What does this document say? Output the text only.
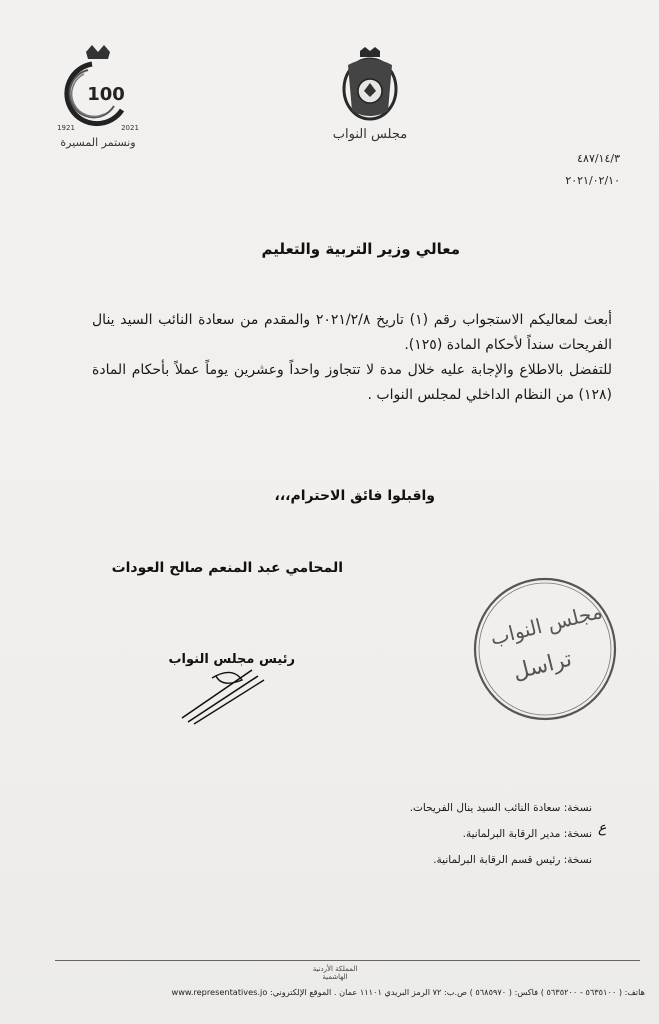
100
1921	2021
ونستمر المسيرة
مجلس النواب
٤٨٧/١٤/٣
٢٠٢١/٠٢/١٠
معالي وزير التربية والتعليم

أبعث لمعاليكم الاستجواب رقم (١) تاريخ ٢٠٢١/٢/٨ والمقدم من سعادة النائب السيد ينال الفريحات سنداً لأحكام المادة (١٢٥).

للتفضل بالاطلاع والإجابة عليه خلال مدة لا تتجاوز واحداً وعشرين يوماً عملاً بأحكام المادة (١٢٨) من النظام الداخلي لمجلس النواب .

واقبلوا فائق الاحترام،،،
المحامي عبد المنعم صالح العودات
رئيس مجلس النواب
مجلس النواب
تراسل
نسخة: سعادة النائب السيد ينال الفريحات.
نسخة: مدير الرقابة البرلمانية.
نسخة: رئيس قسم الرقابة البرلمانية.
ع
المملكة الأردنية الهاشمية
هاتف: ( ٥٦٣٥١٠٠ - ٥٦٣٥٢٠٠ ) فاكس: ( ٥٦٨٥٩٧٠ ) ص.ب: ٧٢ الرمز البريدي ١١١٠١ عمان . الموقع الإلكتروني: www.representatives.jo
